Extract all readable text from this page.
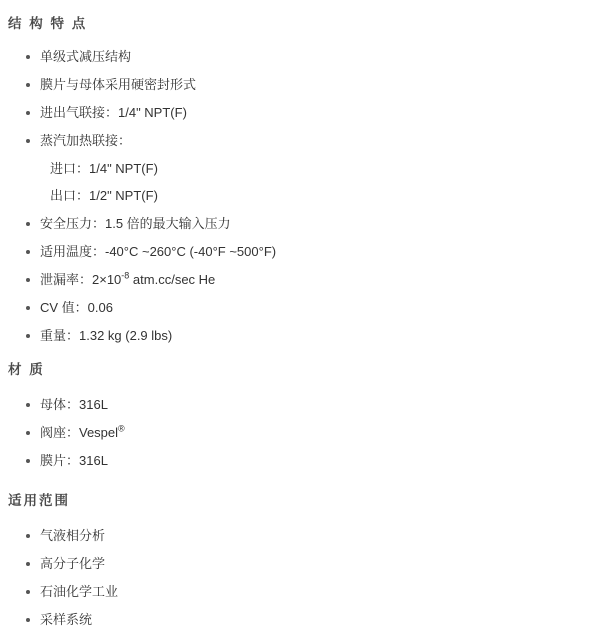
结 构 特 点
单级式减压结构
膜片与母体采用硬密封形式
进出气联接：1/4" NPT(F)
蒸汽加热联接：
进口：1/4" NPT(F)
出口：1/2" NPT(F)
安全压力：1.5 倍的最大输入压力
适用温度：-40°C ~260°C (-40°F ~500°F)
泄漏率：$2\times 10^{-8}$ atm.cc/sec He
CV 值：0.06
重量：1.32 kg (2.9 lbs)
材 质
母体：316L
阀座：Vespel®
膜片：316L
适用范围
气液相分析
高分子化学
石油化学工业
采样系统
